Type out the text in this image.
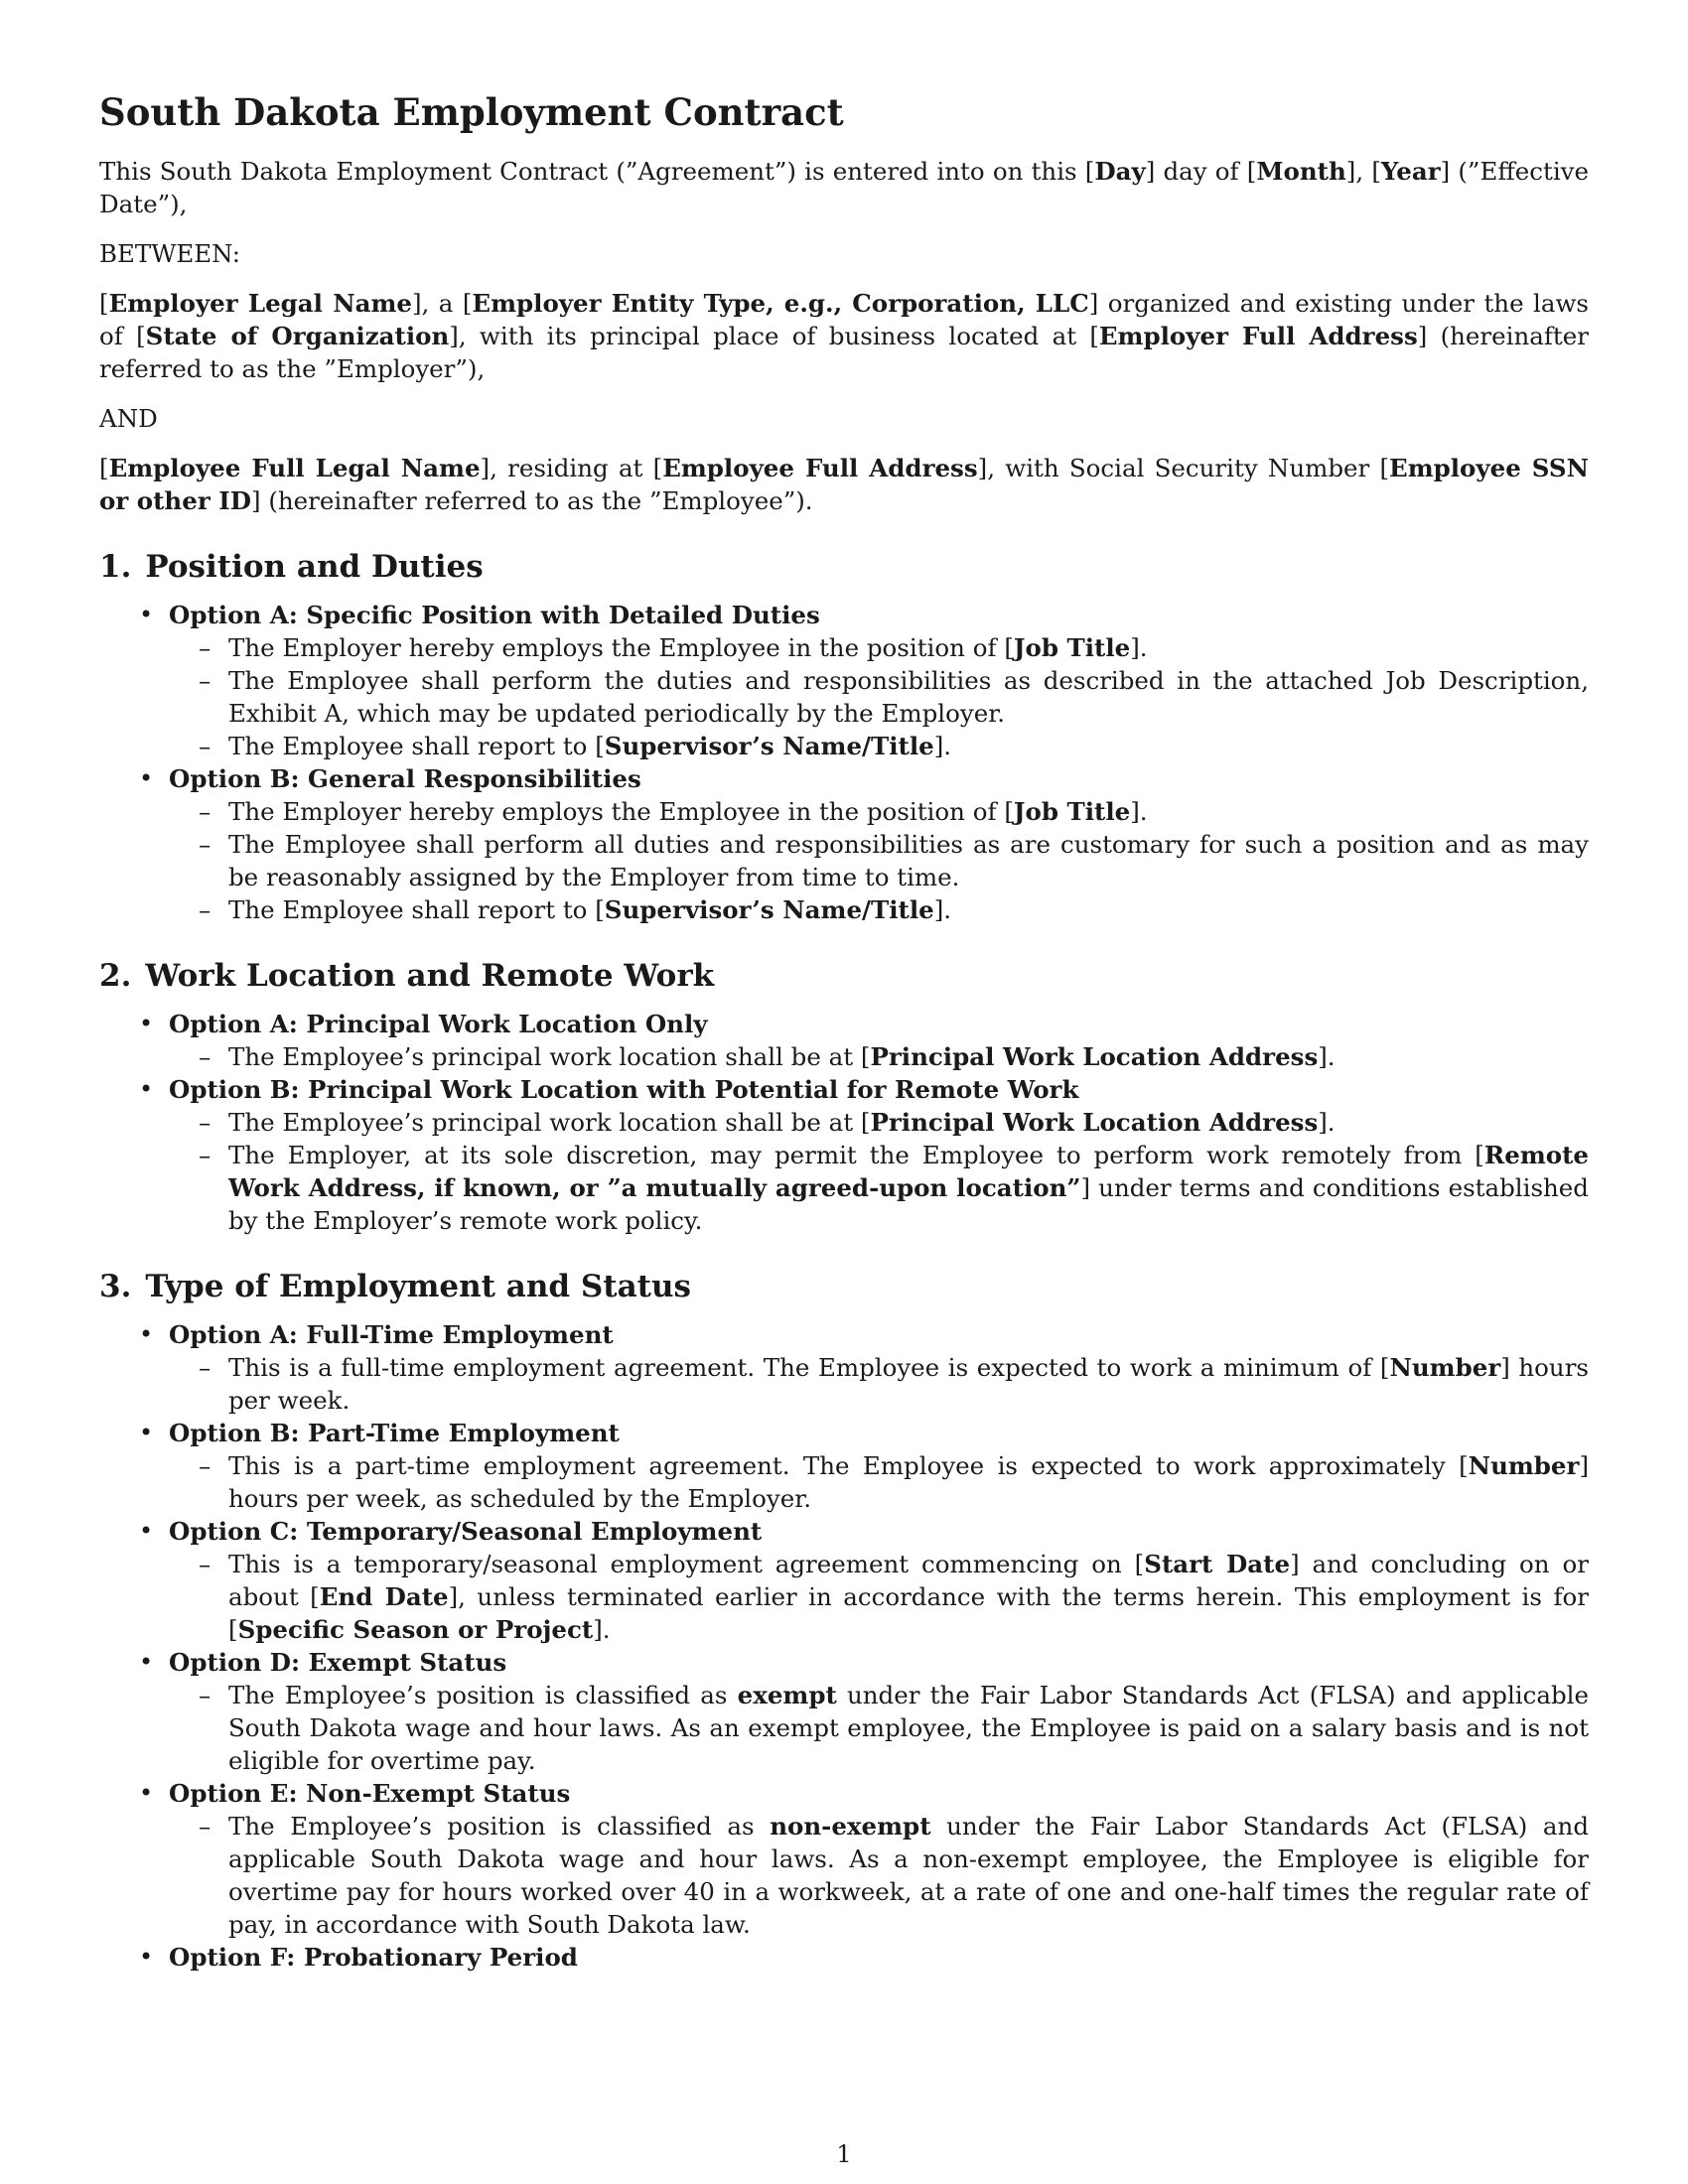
South Dakota Employment Contract

This South Dakota Employment Contract (”Agreement”) is entered into on this [Day] day of [Month], [Year] (”Effective Date”),

BETWEEN:

[Employer Legal Name], a [Employer Entity Type, e.g., Corporation, LLC] organized and existing under the laws of [State of Organization], with its principal place of business located at [Employer Full Address] (hereinafter referred to as the ”Employer”),

AND

[Employee Full Legal Name], residing at [Employee Full Address], with Social Security Number [Employee SSN or other ID] (hereinafter referred to as the ”Employee”).

1. Position and Duties
• Option A: Specific Position with Detailed Duties
– The Employer hereby employs the Employee in the position of [Job Title].
– The Employee shall perform the duties and responsibilities as described in the attached Job Description, Exhibit A, which may be updated periodically by the Employer.
– The Employee shall report to [Supervisor’s Name/Title].
• Option B: General Responsibilities
– The Employer hereby employs the Employee in the position of [Job Title].
– The Employee shall perform all duties and responsibilities as are customary for such a position and as may be reasonably assigned by the Employer from time to time.
– The Employee shall report to [Supervisor’s Name/Title].
2. Work Location and Remote Work
• Option A: Principal Work Location Only
– The Employee’s principal work location shall be at [Principal Work Location Address].
• Option B: Principal Work Location with Potential for Remote Work
– The Employee’s principal work location shall be at [Principal Work Location Address].
– The Employer, at its sole discretion, may permit the Employee to perform work remotely from [Remote Work Address, if known, or ”a mutually agreed-upon location”] under terms and conditions established by the Employer’s remote work policy.
3. Type of Employment and Status
• Option A: Full-Time Employment
– This is a full-time employment agreement. The Employee is expected to work a minimum of [Number] hours per week.
• Option B: Part-Time Employment
– This is a part-time employment agreement. The Employee is expected to work approximately [Number] hours per week, as scheduled by the Employer.
• Option C: Temporary/Seasonal Employment
– This is a temporary/seasonal employment agreement commencing on [Start Date] and concluding on or about [End Date], unless terminated earlier in accordance with the terms herein. This employment is for [Specific Season or Project].
• Option D: Exempt Status
– The Employee’s position is classified as exempt under the Fair Labor Standards Act (FLSA) and applicable South Dakota wage and hour laws. As an exempt employee, the Employee is paid on a salary basis and is not eligible for overtime pay.
• Option E: Non-Exempt Status
– The Employee’s position is classified as non-exempt under the Fair Labor Standards Act (FLSA) and applicable South Dakota wage and hour laws. As a non-exempt employee, the Employee is eligible for overtime pay for hours worked over 40 in a workweek, at a rate of one and one-half times the regular rate of pay, in accordance with South Dakota law.
• Option F: Probationary Period
1
